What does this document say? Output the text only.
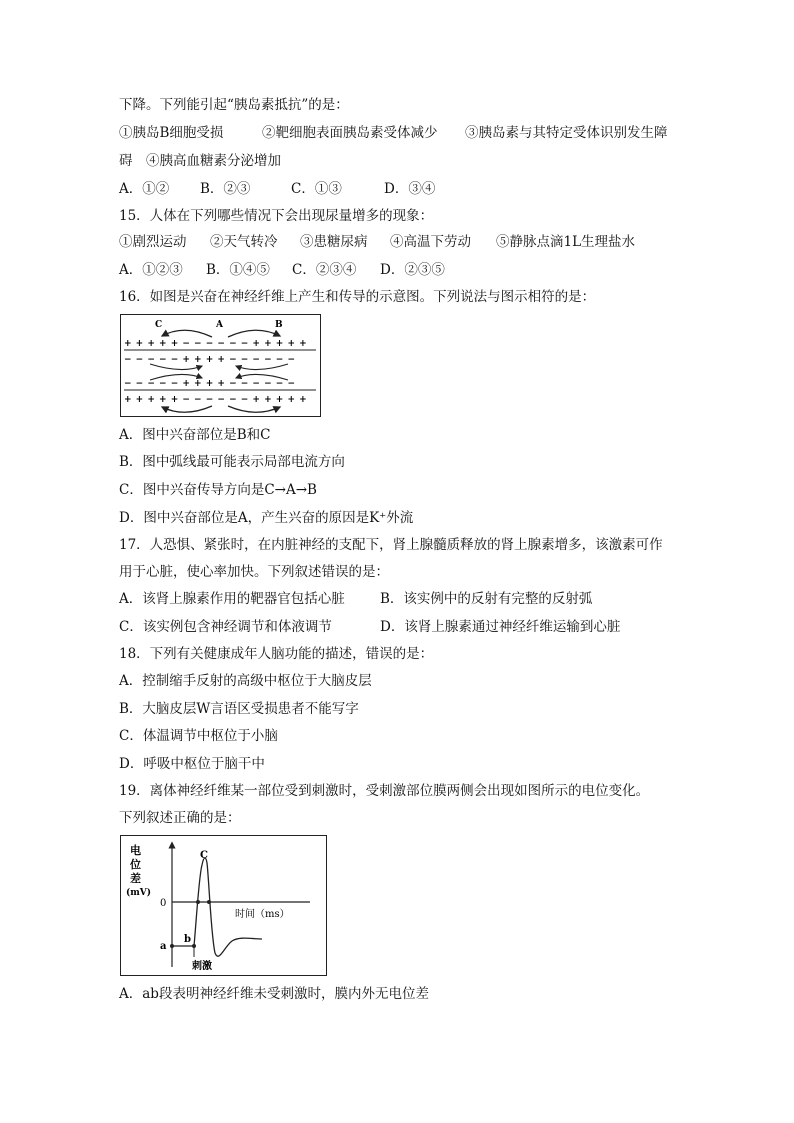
下降。下列能引起“胰岛素抵抗”的是：
①胰岛B细胞受损	②靶细胞表面胰岛素受体减少 ③胰岛素与其特定受体识别发生障
碍　④胰高血糖素分泌增加
A．①② B．②③	C．①③	D．③④
15．人体在下列哪些情况下会出现尿量增多的现象：
①剧烈运动 ②天气转冷 ③患糖尿病 ④高温下劳动 ⑤静脉点滴1L生理盐水
A．①②③ B．①④⑤ C．②③④ D．②③⑤
16．如图是兴奋在神经纤维上产生和传导的示意图。下列说法与图示相符的是：
C	A	B
+ + + + + − − − − − − + + + + +
− − − − − + + + + − − − − − −
− − − − − + + + + − − − − − −
+ + + + + − − − − − − + + + + +
A．图中兴奋部位是B和C
B．图中弧线最可能表示局部电流方向
C．图中兴奋传导方向是C→A→B
D．图中兴奋部位是A，产生兴奋的原因是K⁺外流
17．人恐惧、紧张时，在内脏神经的支配下，肾上腺髓质释放的肾上腺素增多，该激素可作
用于心脏，使心率加快。下列叙述错误的是：
A．该肾上腺素作用的靶器官包括心脏	B．该实例中的反射有完整的反射弧
C．该实例包含神经调节和体液调节	D．该肾上腺素通过神经纤维运输到心脏
18．下列有关健康成年人脑功能的描述，错误的是：
A．控制缩手反射的高级中枢位于大脑皮层
B．大脑皮层W言语区受损患者不能写字
C．体温调节中枢位于小脑
D．呼吸中枢位于脑干中
19．离体神经纤维某一部位受到刺激时，受刺激部位膜两侧会出现如图所示的电位变化。
下列叙述正确的是：
电
位
差
(mV)
0
时间（ms）
a
b
C
刺激
A．ab段表明神经纤维未受刺激时，膜内外无电位差
